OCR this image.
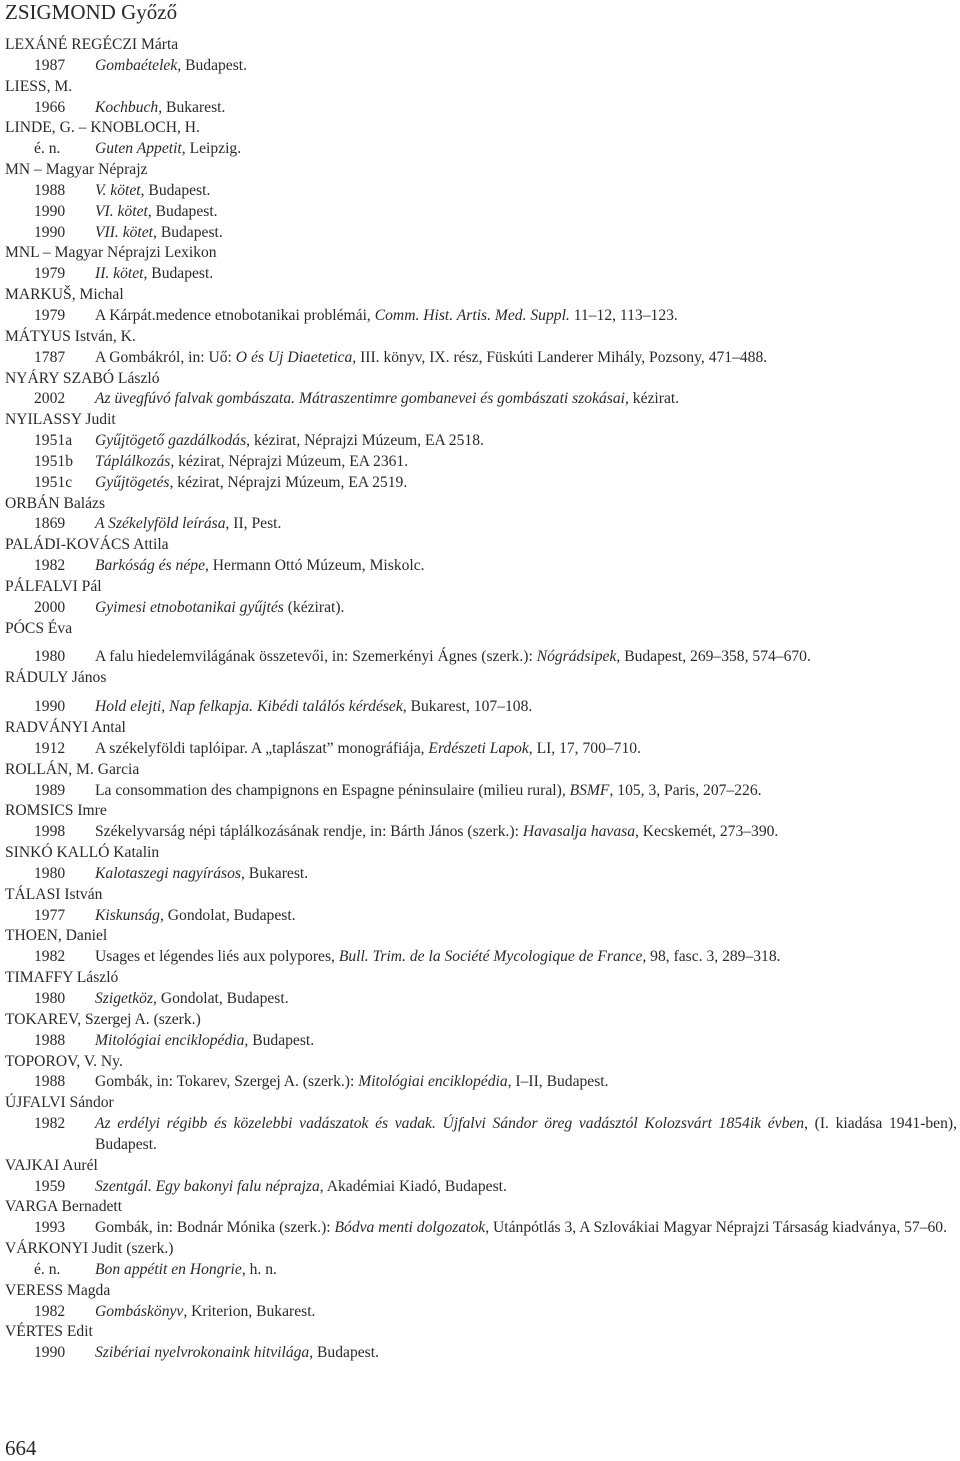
ZSIGMOND Győző
LEXÁNÉ REGÉCZI Márta
1987	Gombaételek, Budapest.
LIESS, M.
1966	Kochbuch, Bukarest.
LINDE, G. – KNOBLOCH, H.
é. n.	Guten Appetit, Leipzig.
MN – Magyar Néprajz
1988	V. kötet, Budapest.
1990	VI. kötet, Budapest.
1990	VII. kötet, Budapest.
MNL – Magyar Néprajzi Lexikon
1979	II. kötet, Budapest.
MARKUŠ, Michal
1979	A Kárpát.medence etnobotanikai problémái, Comm. Hist. Artis. Med. Suppl. 11–12, 113–123.
MÁTYUS István, K.
1787	A Gombákról, in: Uő: O és Uj Diaetetica, III. könyv, IX. rész, Füskúti Landerer Mihály, Pozsony, 471–488.
NYÁRY SZABÓ László
2002	Az üvegfúvó falvak gombászata. Mátraszentimre gombanevei és gombászati szokásai, kézirat.
NYILASSY Judit
1951a	Gyűjtögető gazdálkodás, kézirat, Néprajzi Múzeum, EA 2518.
1951b	Táplálkozás, kézirat, Néprajzi Múzeum, EA 2361.
1951c	Gyűjtögetés, kézirat, Néprajzi Múzeum, EA 2519.
ORBÁN Balázs
1869	A Székelyföld leírása, II, Pest.
PALÁDI-KOVÁCS Attila
1982	Barkóság és népe, Hermann Ottó Múzeum, Miskolc.
PÁLFALVI Pál
2000	Gyimesi etnobotanikai gyűjtés (kézirat).
PÓCS Éva
1980	A falu hiedelemvilágának összetevői, in: Szemerkényi Ágnes (szerk.): Nógrádsipek, Budapest, 269–358, 574–670.
RÁDULY János
1990	Hold elejti, Nap felkapja. Kibédi találós kérdések, Bukarest, 107–108.
RADVÁNYI Antal
1912	A székelyföldi taplóipar. A „taplászat” monográfiája, Erdészeti Lapok, LI, 17, 700–710.
ROLLÁN, M. Garcia
1989	La consommation des champignons en Espagne péninsulaire (milieu rural), BSMF, 105, 3, Paris, 207–226.
ROMSICS Imre
1998	Székelyvarság népi táplálkozásának rendje, in: Bárth János (szerk.): Havasalja havasa, Kecskemét, 273–390.
SINKÓ KALLÓ Katalin
1980	Kalotaszegi nagyírásos, Bukarest.
TÁLASI István
1977	Kiskunság, Gondolat, Budapest.
THOEN, Daniel
1982	Usages et légendes liés aux polypores, Bull. Trim. de la Société Mycologique de France, 98, fasc. 3, 289–318.
TIMAFFY László
1980	Szigetköz, Gondolat, Budapest.
TOKAREV, Szergej A. (szerk.)
1988	Mitológiai enciklopédia, Budapest.
TOPOROV, V. Ny.
1988	Gombák, in: Tokarev, Szergej A. (szerk.): Mitológiai enciklopédia, I–II, Budapest.
ÚJFALVI Sándor
1982	Az erdélyi régibb és közelebbi vadászatok és vadak. Újfalvi Sándor öreg vadásztól Kolozsvárt 1854ik évben, (I. kiadása 1941-ben), Budapest.
VAJKAI Aurél
1959	Szentgál. Egy bakonyi falu néprajza, Akadémiai Kiadó, Budapest.
VARGA Bernadett
1993	Gombák, in: Bodnár Mónika (szerk.): Bódva menti dolgozatok, Utánpótlás 3, A Szlovákiai Magyar Néprajzi Társaság kiadványa, 57–60.
VÁRKONYI Judit (szerk.)
é. n.	Bon appétit en Hongrie, h. n.
VERESS Magda
1982	Gombáskönyv, Kriterion, Bukarest.
VÉRTES Edit
1990	Szibériai nyelvrokonaink hitvilága, Budapest.
664
